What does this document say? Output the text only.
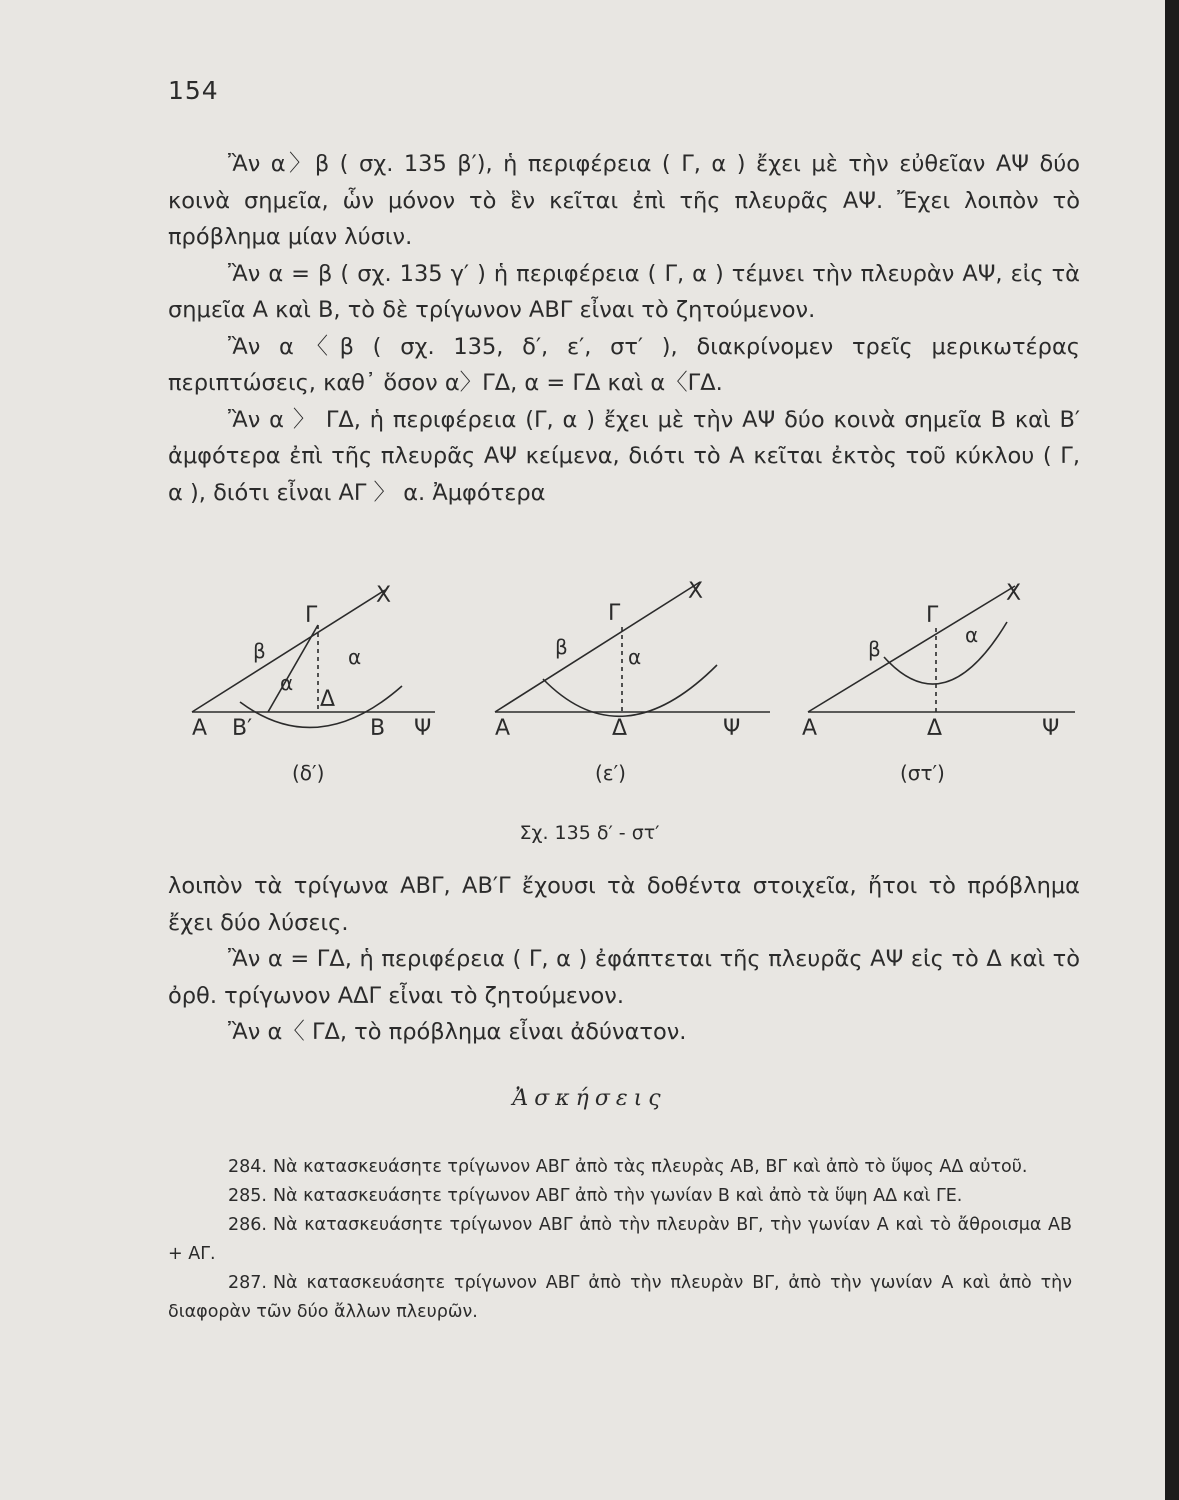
154

Ἂν α〉β ( σχ. 135 β′), ἡ περιφέρεια ( Γ, α ) ἔχει μὲ τὴν εὐθεῖαν ΑΨ δύο κοινὰ σημεῖα, ὧν μόνον τὸ ἓν κεῖται ἐπὶ τῆς πλευρᾶς ΑΨ. Ἔχει λοιπὸν τὸ πρόβλημα μίαν λύσιν.

Ἂν α = β ( σχ. 135 γ′ ) ἡ περιφέρεια ( Γ, α ) τέμνει τὴν πλευρὰν ΑΨ, εἰς τὰ σημεῖα Α καὶ Β, τὸ δὲ τρίγωνον ΑΒΓ εἶναι τὸ ζητούμενον.

Ἂν α〈β ( σχ. 135, δ′, ε′, στ′ ), διακρίνομεν τρεῖς μερικωτέρας περιπτώσεις, καθ᾽ ὅσον α〉ΓΔ, α = ΓΔ καὶ α〈ΓΔ.

Ἂν α 〉 ΓΔ, ἡ περιφέρεια (Γ, α ) ἔχει μὲ τὴν ΑΨ δύο κοινὰ σημεῖα Β καὶ Β′ ἀμφότερα ἐπὶ τῆς πλευρᾶς ΑΨ κείμενα, διότι τὸ Α κεῖται ἐκτὸς τοῦ κύκλου ( Γ, α ), διότι εἶναι ΑΓ 〉 α. Ἀμφότερα

Α Β′	Β Ψ
Γ
Χ
Δ
β
α
α
(δ′)
Α	Δ	Ψ
Γ
Χ
β	α
(ε′)
Α	Δ	Ψ
Γ
Χ
β
α
(στ′)
Σχ. 135 δ′ - στ′

λοιπὸν τὰ τρίγωνα ΑΒΓ, ΑΒ′Γ ἔχουσι τὰ δοθέντα στοιχεῖα, ἤτοι τὸ πρόβλημα ἔχει δύο λύσεις.

Ἂν α = ΓΔ, ἡ περιφέρεια ( Γ, α ) ἐφάπτεται τῆς πλευρᾶς ΑΨ εἰς τὸ Δ καὶ τὸ ὀρθ. τρίγωνον ΑΔΓ εἶναι τὸ ζητούμενον.

Ἂν α〈 ΓΔ, τὸ πρόβλημα εἶναι ἀδύνατον.

Ἀσκήσεις

284. Νὰ κατασκευάσητε τρίγωνον ΑΒΓ ἀπὸ τὰς πλευρὰς ΑΒ, ΒΓ καὶ ἀπὸ τὸ ὕψος ΑΔ αὐτοῦ.

285. Νὰ κατασκευάσητε τρίγωνον ΑΒΓ ἀπὸ τὴν γωνίαν Β καὶ ἀπὸ τὰ ὕψη ΑΔ καὶ ΓΕ.

286. Νὰ κατασκευάσητε τρίγωνον ΑΒΓ ἀπὸ τὴν πλευρὰν ΒΓ, τὴν γωνίαν Α καὶ τὸ ἄθροισμα ΑΒ + ΑΓ.

287. Νὰ κατασκευάσητε τρίγωνον ΑΒΓ ἀπὸ τὴν πλευρὰν ΒΓ, ἀπὸ τὴν γωνίαν Α καὶ ἀπὸ τὴν διαφορὰν τῶν δύο ἄλλων πλευρῶν.
